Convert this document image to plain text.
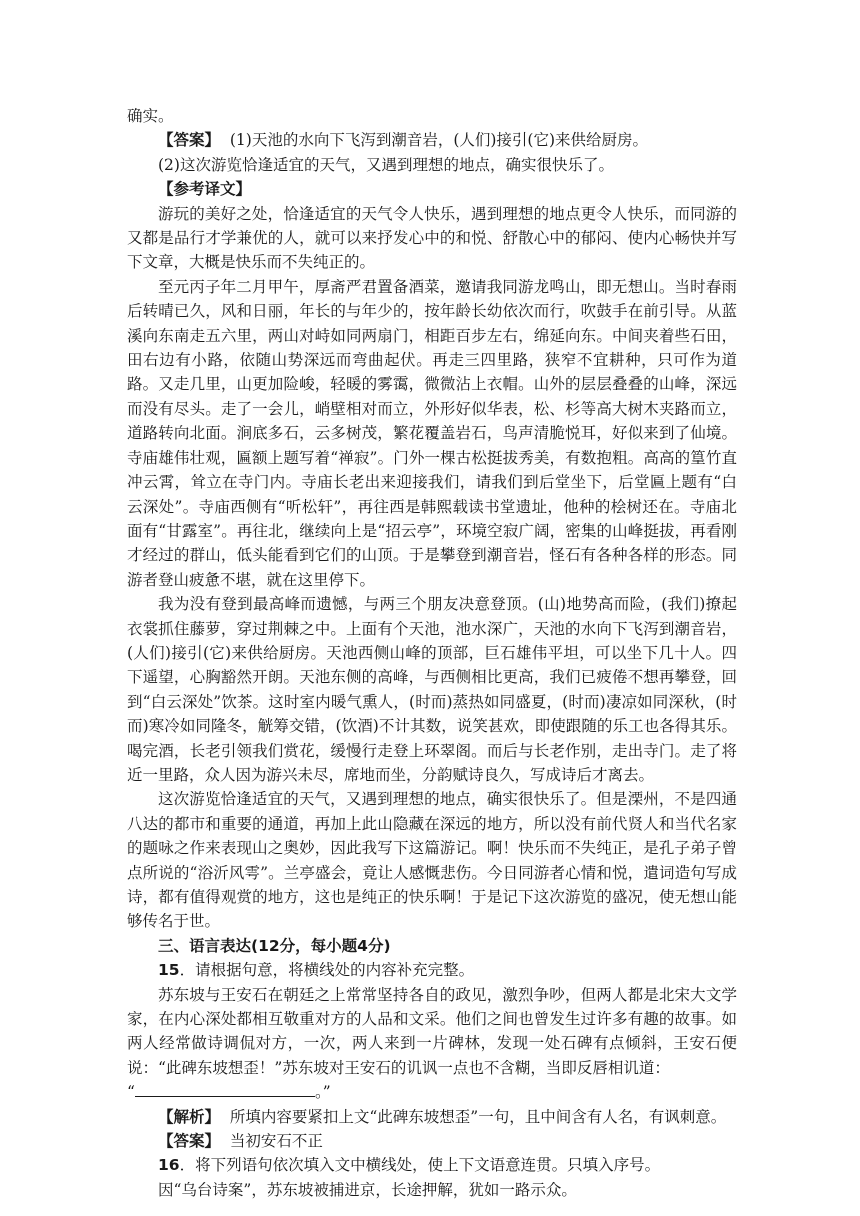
确实。

【答案】 (1)天池的水向下飞泻到潮音岩，(人们)接引(它)来供给厨房。

(2)这次游览恰逢适宜的天气，又遇到理想的地点，确实很快乐了。

【参考译文】

游玩的美好之处，恰逢适宜的天气令人快乐，遇到理想的地点更令人快乐，而同游的又都是品行才学兼优的人，就可以来抒发心中的和悦、舒散心中的郁闷、使内心畅快并写下文章，大概是快乐而不失纯正的。

至元丙子年二月甲午，厚斋严君置备酒菜，邀请我同游龙鸣山，即无想山。当时春雨后转晴已久，风和日丽，年长的与年少的，按年龄长幼依次而行，吹鼓手在前引导。从蓝溪向东南走五六里，两山对峙如同两扇门，相距百步左右，绵延向东。中间夹着些石田，田右边有小路，依随山势深远而弯曲起伏。再走三四里路，狭窄不宜耕种，只可作为道路。又走几里，山更加险峻，轻暖的雾霭，微微沾上衣帽。山外的层层叠叠的山峰，深远而没有尽头。走了一会儿，峭壁相对而立，外形好似华表，松、杉等高大树木夹路而立，道路转向北面。涧底多石，云多树茂，繁花覆盖岩石，鸟声清脆悦耳，好似来到了仙境。寺庙雄伟壮观，匾额上题写着“禅寂”。门外一棵古松挺拔秀美，有数抱粗。高高的篁竹直冲云霄，耸立在寺门内。寺庙长老出来迎接我们，请我们到后堂坐下，后堂匾上题有“白云深处”。寺庙西侧有“听松轩”，再往西是韩熙载读书堂遗址，他种的桧树还在。寺庙北面有“甘露室”。再往北，继续向上是“招云亭”，环境空寂广阔，密集的山峰挺拔，再看刚才经过的群山，低头能看到它们的山顶。于是攀登到潮音岩，怪石有各种各样的形态。同游者登山疲惫不堪，就在这里停下。

我为没有登到最高峰而遗憾，与两三个朋友决意登顶。(山)地势高而险，(我们)撩起衣裳抓住藤萝，穿过荆棘之中。上面有个天池，池水深广，天池的水向下飞泻到潮音岩，(人们)接引(它)来供给厨房。天池西侧山峰的顶部，巨石雄伟平坦，可以坐下几十人。四下遥望，心胸豁然开朗。天池东侧的高峰，与西侧相比更高，我们已疲倦不想再攀登，回到“白云深处”饮茶。这时室内暖气熏人，(时而)蒸热如同盛夏，(时而)凄凉如同深秋，(时而)寒冷如同隆冬，觥筹交错，(饮酒)不计其数，说笑甚欢，即使跟随的乐工也各得其乐。喝完酒，长老引领我们赏花，缓慢行走登上环翠阁。而后与长老作别，走出寺门。走了将近一里路，众人因为游兴未尽，席地而坐，分韵赋诗良久，写成诗后才离去。

这次游览恰逢适宜的天气，又遇到理想的地点，确实很快乐了。但是溧州，不是四通八达的都市和重要的通道，再加上此山隐藏在深远的地方，所以没有前代贤人和当代名家的题咏之作来表现山之奥妙，因此我写下这篇游记。啊！快乐而不失纯正，是孔子弟子曾点所说的“浴沂风雩”。兰亭盛会，竟让人感慨悲伤。今日同游者心情和悦，遣词造句写成诗，都有值得观赏的地方，这也是纯正的快乐啊！于是记下这次游览的盛况，使无想山能够传名于世。

三、语言表达(12分，每小题4分)

15．请根据句意，将横线处的内容补充完整。

苏东坡与王安石在朝廷之上常常坚持各自的政见，激烈争吵，但两人都是北宋大文学家，在内心深处都相互敬重对方的人品和文采。他们之间也曾发生过许多有趣的故事。如两人经常做诗调侃对方，一次，两人来到一片碑林，发现一处石碑有点倾斜，王安石便说：“此碑东坡想歪！”苏东坡对王安石的讥讽一点也不含糊，当即反唇相讥道：

“	。”

【解析】 所填内容要紧扣上文“此碑东坡想歪”一句，且中间含有人名，有讽刺意。

【答案】 当初安石不正

16．将下列语句依次填入文中横线处，使上下文语意连贯。只填入序号。

因“乌台诗案”，苏东坡被捕进京，长途押解，犹如一路示众。
